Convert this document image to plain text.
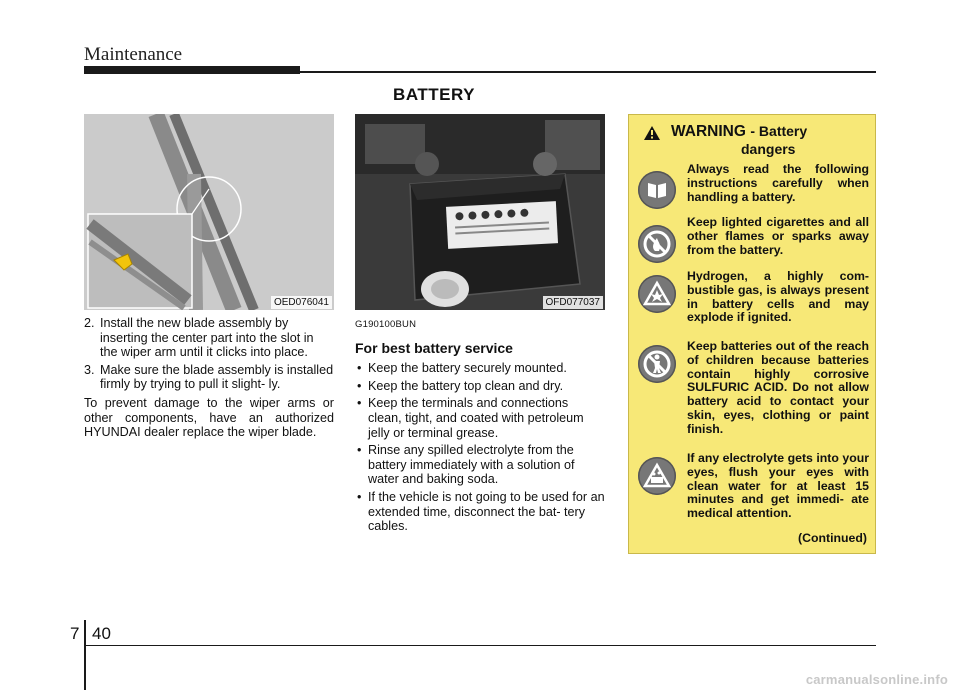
Maintenance
BATTERY
OED076041	OFD077037
2. Install the new blade assembly by inserting the center part into the slot in the wiper arm until it clicks into place.
3. Make sure the blade assembly is installed firmly by trying to pull it slight- ly.

To prevent damage to the wiper arms or other components, have an authorized HYUNDAI dealer replace the wiper blade.

G190100BUN
For best battery service
• Keep the battery securely mounted.
• Keep the battery top clean and dry.
• Keep the terminals and connections clean, tight, and coated with petroleum jelly or terminal grease.
• Rinse any spilled electrolyte from the battery immediately with a solution of water and baking soda.
• If the vehicle is not going to be used for an extended time, disconnect the bat- tery cables.
WARNING - Battery
dangers
Always read the following instructions carefully when handling a battery.
Keep lighted cigarettes and all other flames or sparks away from the battery.
Hydrogen, a highly com- bustible gas, is always present in battery cells and may explode if ignited.
Keep batteries out of the reach of children because batteries contain highly corrosive SULFURIC ACID. Do not allow battery acid to contact your skin, eyes, clothing or paint finish.
If any electrolyte gets into your eyes, flush your eyes with clean water for at least 15 minutes and get immedi- ate medical attention.
(Continued)
7 40
carmanualsonline.info
